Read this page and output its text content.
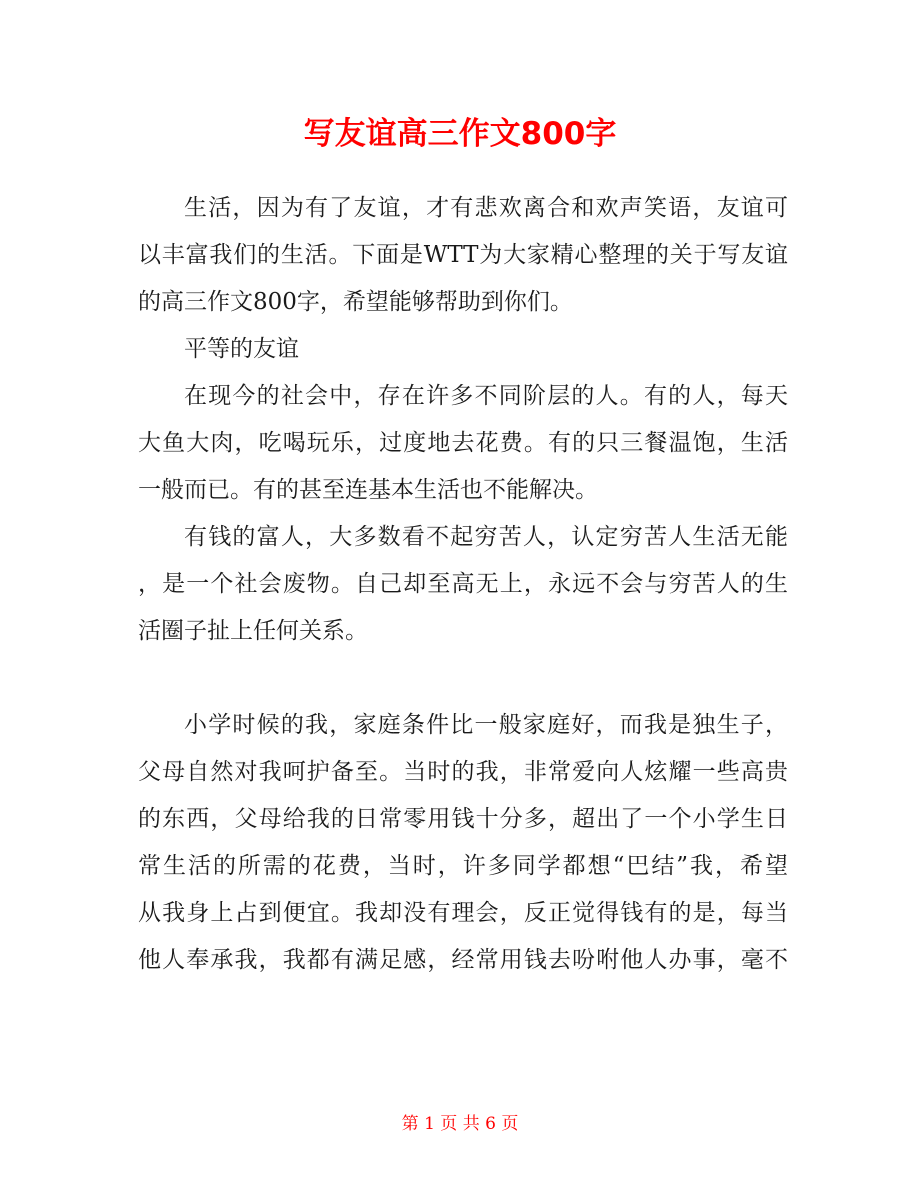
写友谊高三作文800字
生活，因为有了友谊，才有悲欢离合和欢声笑语，友谊可
以丰富我们的生活。下面是WTT为大家精心整理的关于写友谊
的高三作文800字，希望能够帮助到你们。
平等的友谊
在现今的社会中，存在许多不同阶层的人。有的人，每天
大鱼大肉，吃喝玩乐，过度地去花费。有的只三餐温饱，生活
一般而已。有的甚至连基本生活也不能解决。
有钱的富人，大多数看不起穷苦人，认定穷苦人生活无能
，是一个社会废物。自己却至高无上，永远不会与穷苦人的生
活圈子扯上任何关系。
小学时候的我，家庭条件比一般家庭好，而我是独生子，
父母自然对我呵护备至。当时的我，非常爱向人炫耀一些高贵
的东西，父母给我的日常零用钱十分多，超出了一个小学生日
常生活的所需的花费，当时，许多同学都想“巴结”我，希望
从我身上占到便宜。我却没有理会，反正觉得钱有的是，每当
他人奉承我，我都有满足感，经常用钱去吩咐他人办事，毫不
第 1 页 共 6 页
